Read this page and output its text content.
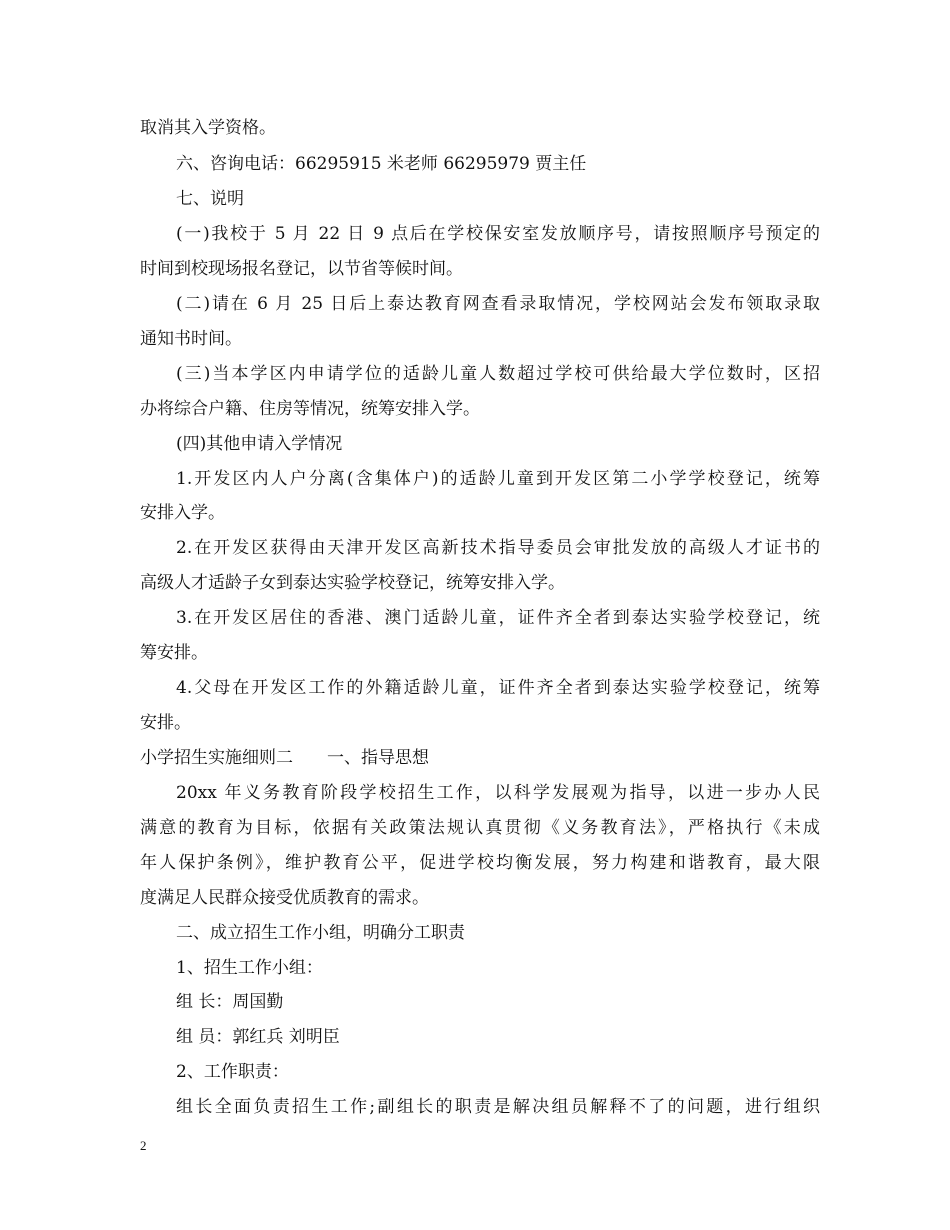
取消其入学资格。
六、咨询电话：66295915 米老师 66295979 贾主任
七、说明
(一)我校于 5 月 22 日 9 点后在学校保安室发放顺序号，请按照顺序号预定的
时间到校现场报名登记，以节省等候时间。
(二)请在 6 月 25 日后上泰达教育网查看录取情况，学校网站会发布领取录取
通知书时间。
(三)当本学区内申请学位的适龄儿童人数超过学校可供给最大学位数时，区招
办将综合户籍、住房等情况，统筹安排入学。
(四)其他申请入学情况
1.开发区内人户分离(含集体户)的适龄儿童到开发区第二小学学校登记，统筹
安排入学。
2.在开发区获得由天津开发区高新技术指导委员会审批发放的高级人才证书的
高级人才适龄子女到泰达实验学校登记，统筹安排入学。
3.在开发区居住的香港、澳门适龄儿童，证件齐全者到泰达实验学校登记，统
筹安排。
4.父母在开发区工作的外籍适龄儿童，证件齐全者到泰达实验学校登记，统筹
安排。
小学招生实施细则二　　一、指导思想
20xx 年义务教育阶段学校招生工作，以科学发展观为指导，以进一步办人民
满意的教育为目标，依据有关政策法规认真贯彻《义务教育法》，严格执行《未成
年人保护条例》，维护教育公平，促进学校均衡发展，努力构建和谐教育，最大限
度满足人民群众接受优质教育的需求。
二、成立招生工作小组，明确分工职责
1、招生工作小组：
组 长：周国勤
组 员：郭红兵 刘明臣
2、工作职责：
组长全面负责招生工作;副组长的职责是解决组员解释不了的问题，进行组织
2
